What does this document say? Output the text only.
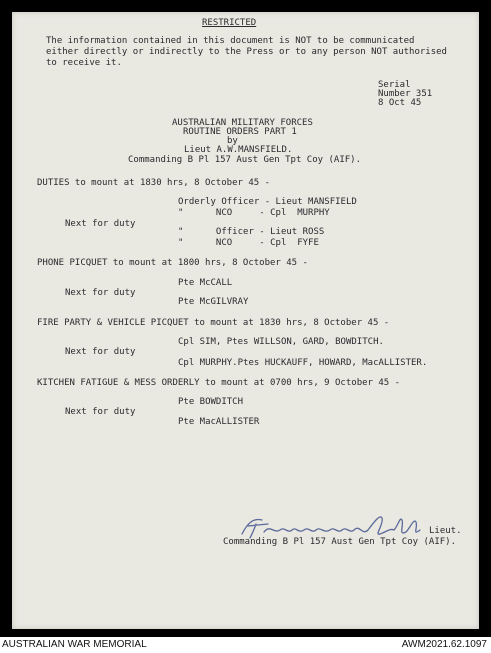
RESTRICTED
The information contained in this document is NOT to be communicated
either directly or indirectly to the Press or to any person NOT authorised
to receive it.
Serial
Number 351
8 Oct 45
AUSTRALIAN MILITARY FORCES
ROUTINE ORDERS PART 1
by
Lieut A.W.MANSFIELD.
Commanding B Pl 157 Aust Gen Tpt Coy (AIF).
DUTIES to mount at 1830 hrs, 8 October 45 -
Orderly Officer - Lieut MANSFIELD
"      NCO     - Cpl  MURPHY
Next for duty
"      Officer - Lieut ROSS
"      NCO     - Cpl  FYFE
PHONE PICQUET to mount at 1800 hrs, 8 October 45 -
Pte McCALL
Next for duty
Pte McGILVRAY
FIRE PARTY & VEHICLE PICQUET to mount at 1830 hrs, 8 October 45 -
Cpl SIM, Ptes WILLSON, GARD, BOWDITCH.
Next for duty
Cpl MURPHY.Ptes HUCKAUFF, HOWARD, MacALLISTER.
KITCHEN FATIGUE & MESS ORDERLY to mount at 0700 hrs, 9 October 45 -
Pte BOWDITCH
Next for duty
Pte MacALLISTER
Lieut.
Commanding B Pl 157 Aust Gen Tpt Coy (AIF).
AUSTRALIAN WAR MEMORIAL	AWM2021.62.1097
